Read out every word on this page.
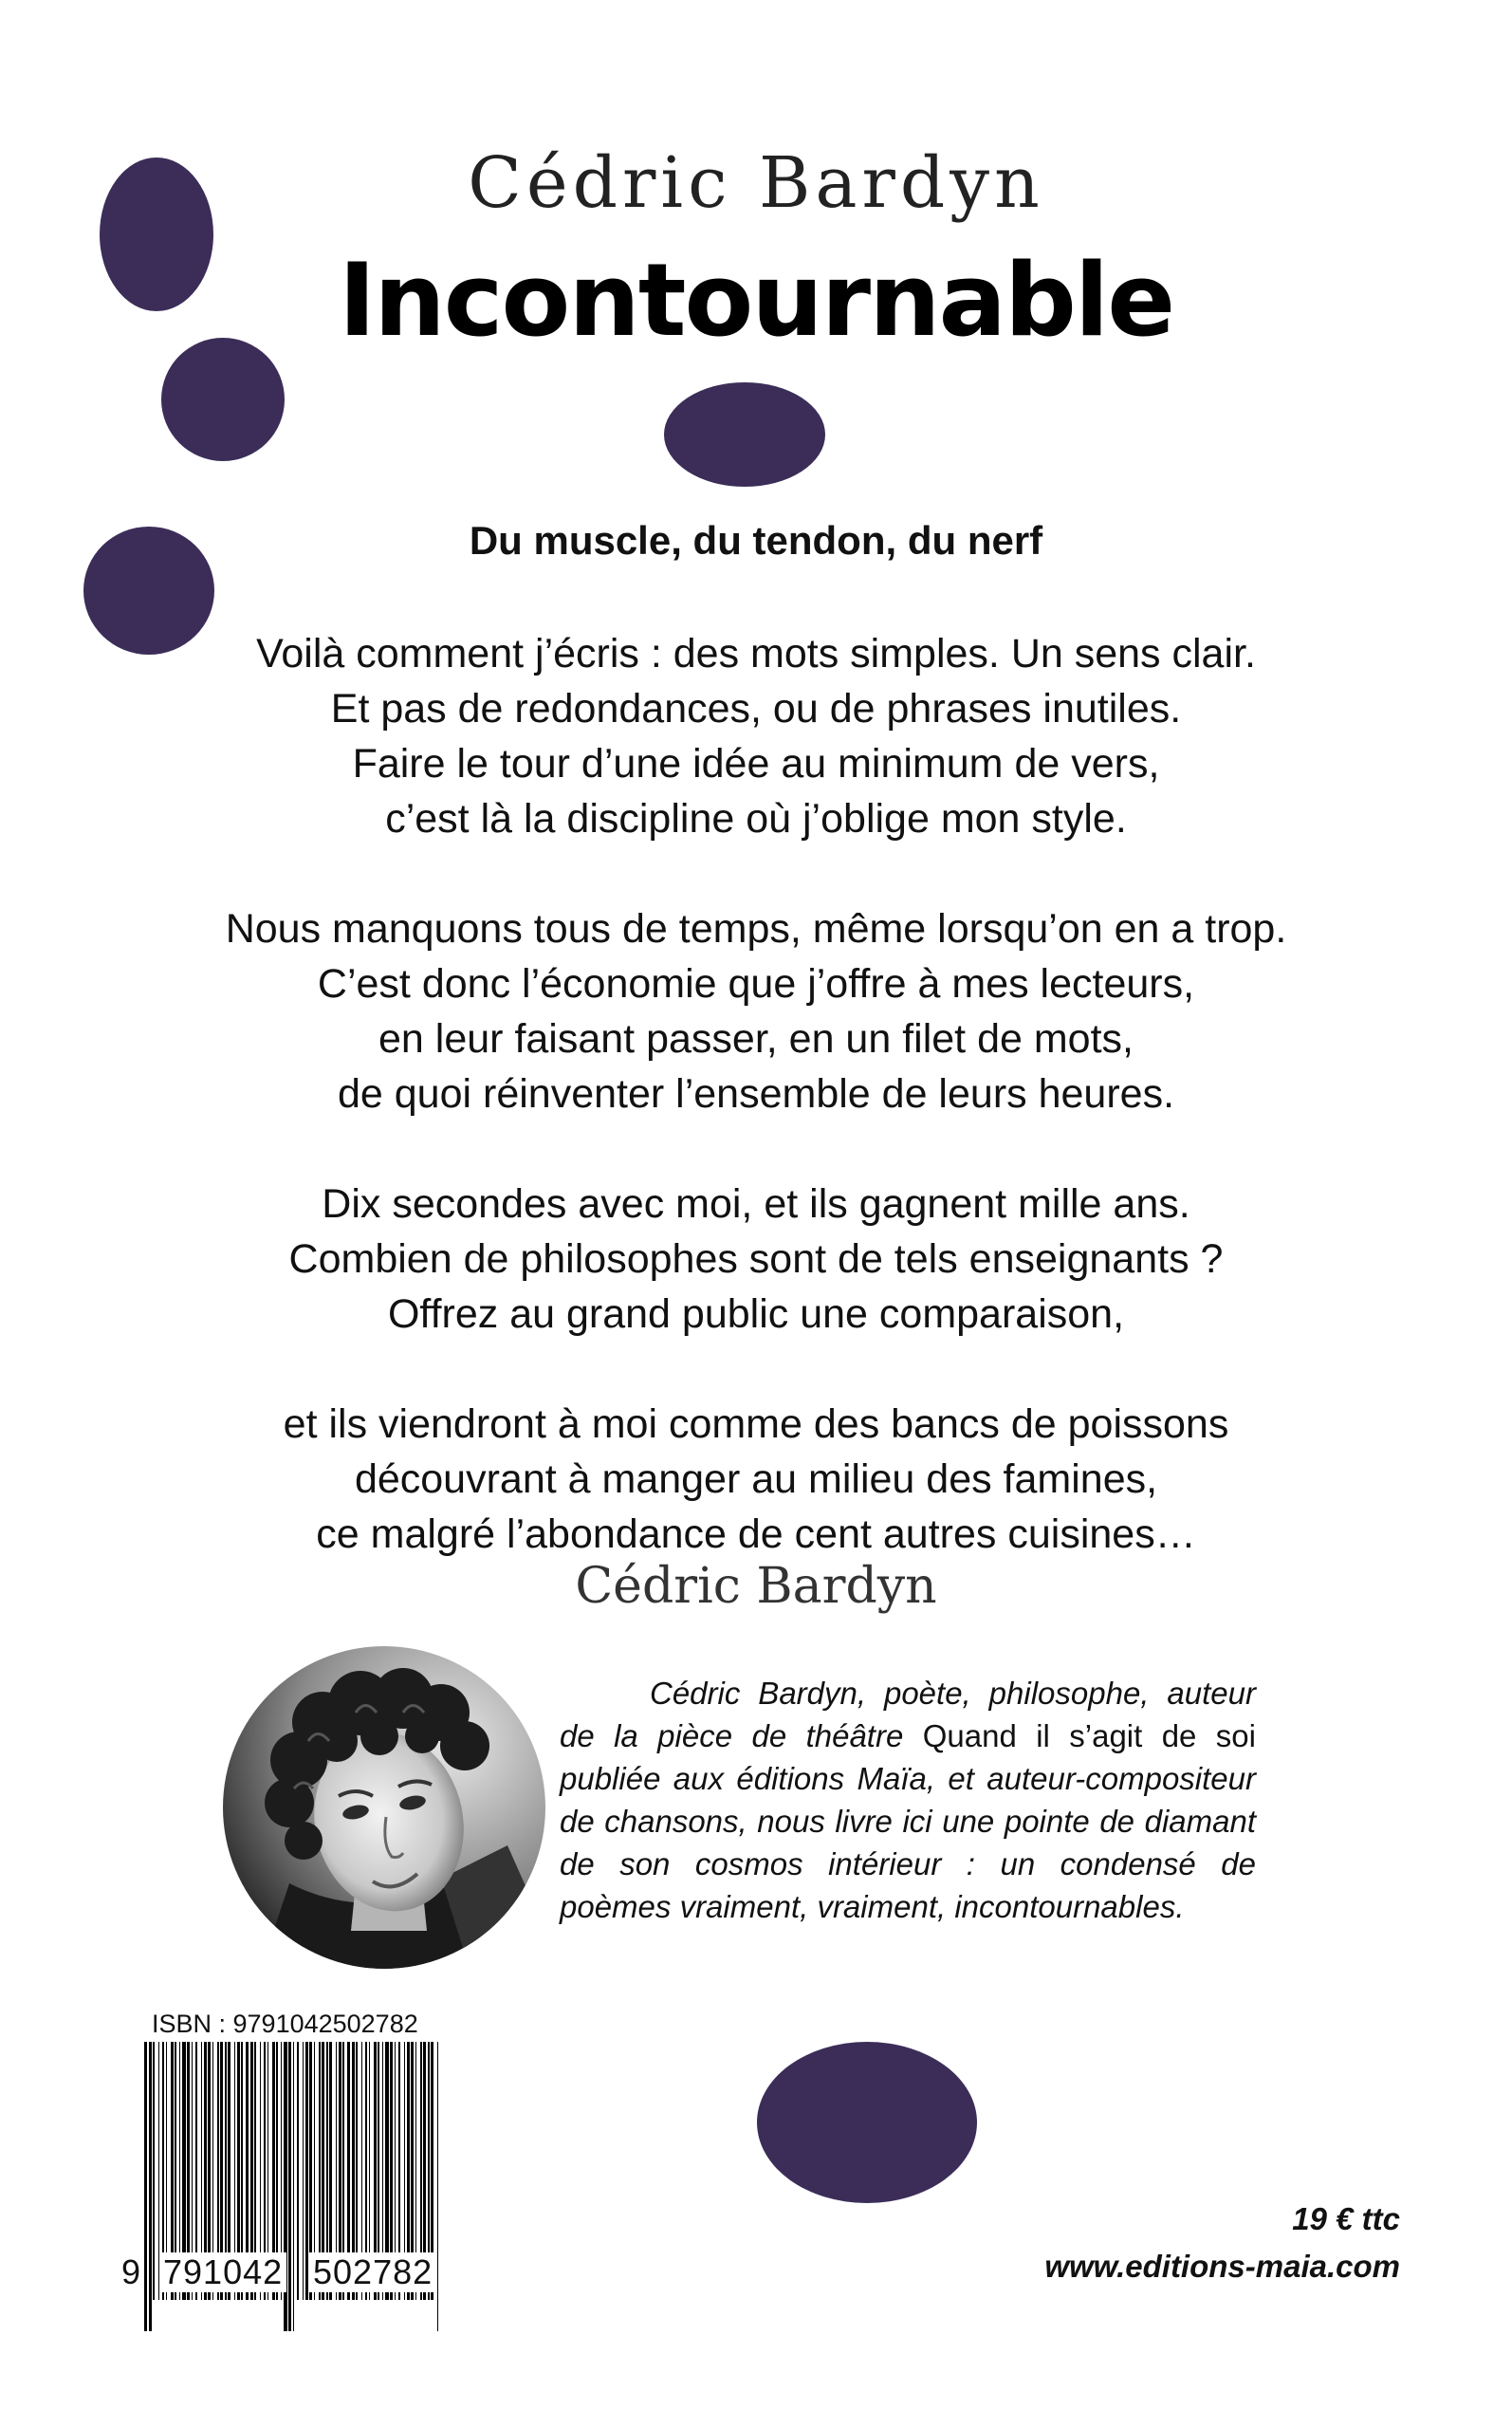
Cédric Bardyn
Incontournable
Du muscle, du tendon, du nerf
Voilà comment j’écris : des mots simples. Un sens clair.
Et pas de redondances, ou de phrases inutiles.
Faire le tour d’une idée au minimum de vers,
c’est là la discipline où j’oblige mon style.
Nous manquons tous de temps, même lorsqu’on en a trop.
C’est donc l’économie que j’offre à mes lecteurs,
en leur faisant passer, en un filet de mots,
de quoi réinventer l’ensemble de leurs heures.
Dix secondes avec moi, et ils gagnent mille ans.
Combien de philosophes sont de tels enseignants ?
Offrez au grand public une comparaison,
et ils viendront à moi comme des bancs de poissons
découvrant à manger au milieu des famines,
ce malgré l’abondance de cent autres cuisines…
Cédric Bardyn
Cédric Bardyn, poète, philosophe, auteur de la pièce de théâtre Quand il s’agit de soi publiée aux éditions Maïa, et auteur-compositeur de chansons, nous livre ici une pointe de diamant de son cosmos intérieur : un condensé de poèmes vraiment, vraiment, incontournables.
ISBN : 9791042502782
9 791042 502782
19 € ttc
www.editions-maia.com
